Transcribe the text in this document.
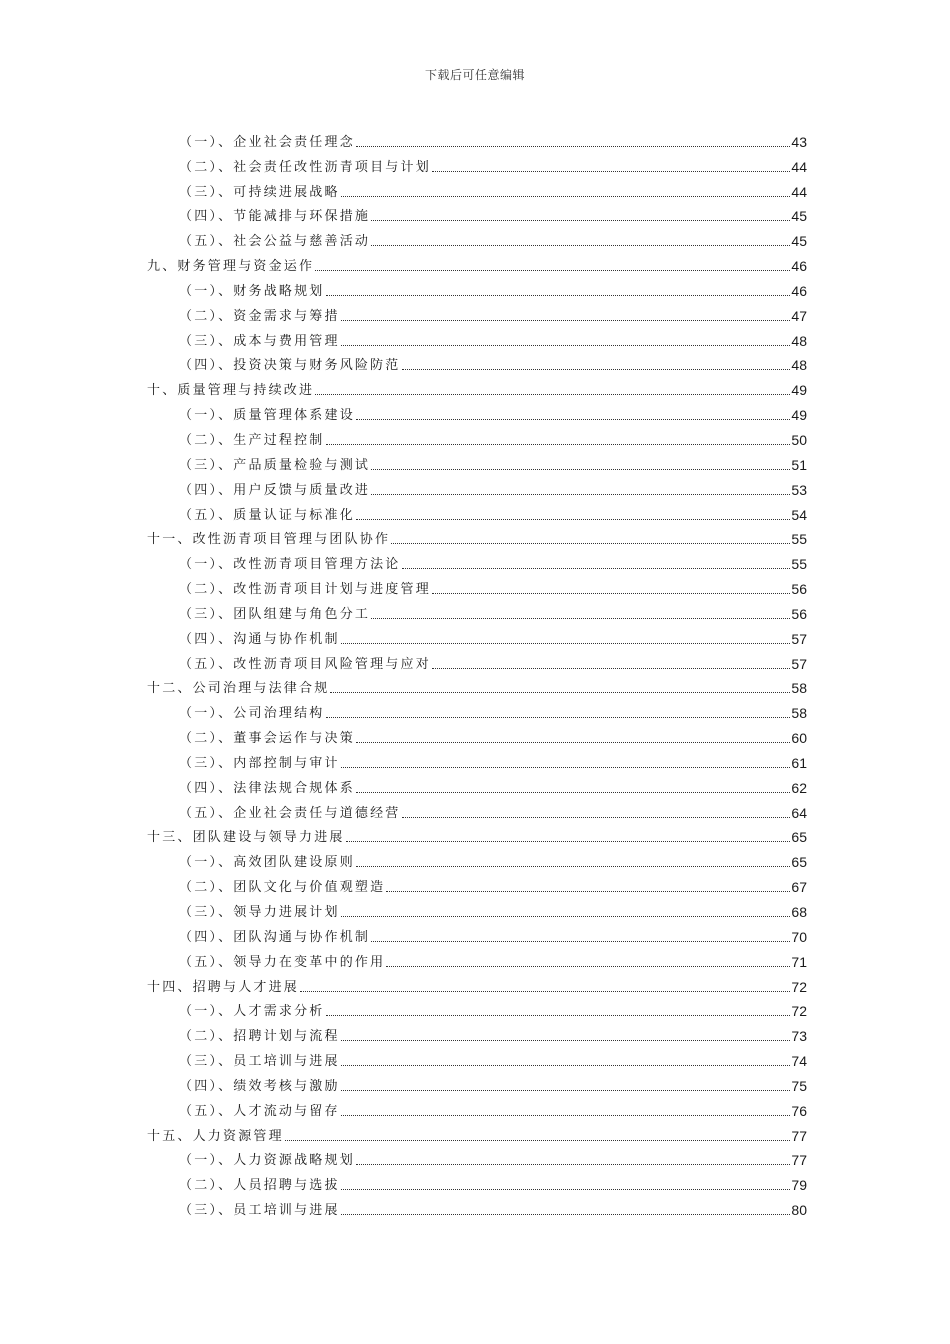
下载后可任意编辑
（一）、企业社会责任理念	43
（二）、社会责任改性沥青项目与计划	44
（三）、可持续进展战略	44
（四）、节能减排与环保措施	45
（五）、社会公益与慈善活动	45
九、财务管理与资金运作	46
（一）、财务战略规划	46
（二）、资金需求与筹措	47
（三）、成本与费用管理	48
（四）、投资决策与财务风险防范	48
十、质量管理与持续改进	49
（一）、质量管理体系建设	49
（二）、生产过程控制	50
（三）、产品质量检验与测试	51
（四）、用户反馈与质量改进	53
（五）、质量认证与标准化	54
十一、改性沥青项目管理与团队协作	55
（一）、改性沥青项目管理方法论	55
（二）、改性沥青项目计划与进度管理	56
（三）、团队组建与角色分工	56
（四）、沟通与协作机制	57
（五）、改性沥青项目风险管理与应对	57
十二、公司治理与法律合规	58
（一）、公司治理结构	58
（二）、董事会运作与决策	60
（三）、内部控制与审计	61
（四）、法律法规合规体系	62
（五）、企业社会责任与道德经营	64
十三、团队建设与领导力进展	65
（一）、高效团队建设原则	65
（二）、团队文化与价值观塑造	67
（三）、领导力进展计划	68
（四）、团队沟通与协作机制	70
（五）、领导力在变革中的作用	71
十四、招聘与人才进展	72
（一）、人才需求分析	72
（二）、招聘计划与流程	73
（三）、员工培训与进展	74
（四）、绩效考核与激励	75
（五）、人才流动与留存	76
十五、人力资源管理	77
（一）、人力资源战略规划	77
（二）、人员招聘与选拔	79
（三）、员工培训与进展	80
